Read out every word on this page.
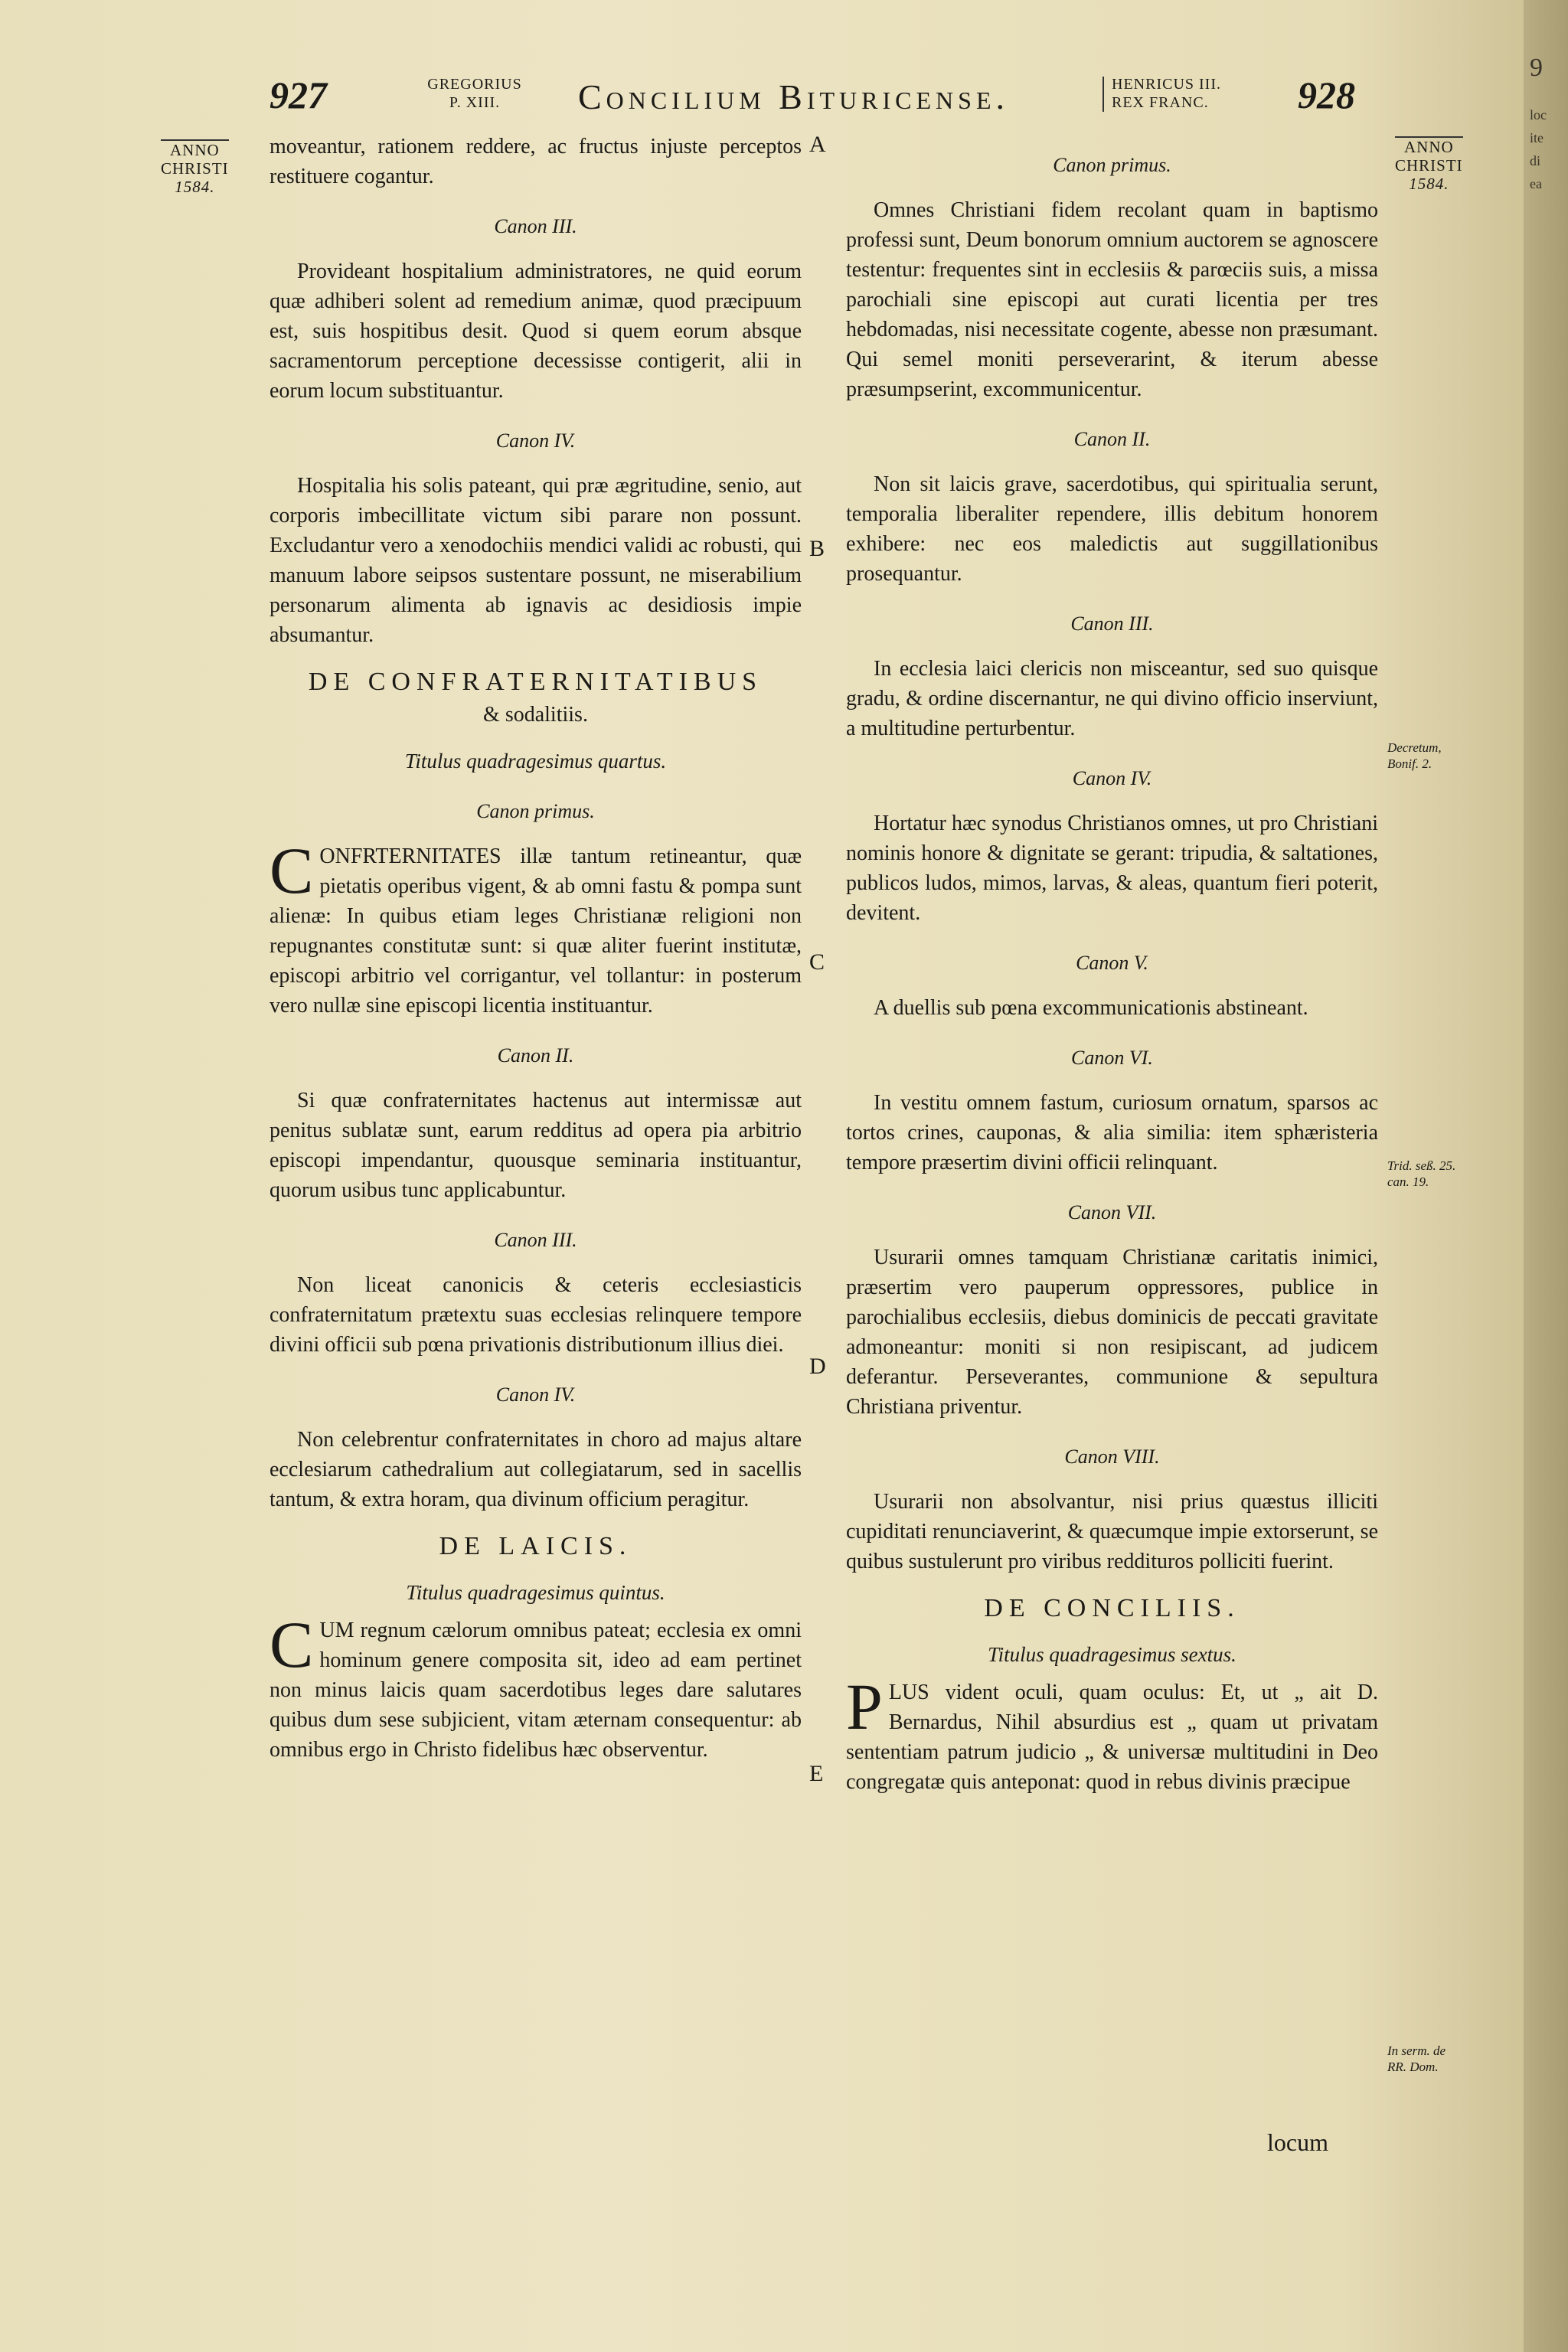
9
loc
ite
di
ea
927	GREGORIUS
P. XIII.	Concilium Bituricense.	HENRICUS III.
REX FRANC.	928
ANNO
CHRISTI
1584.
ANNO
CHRISTI
1584.
A
B
C
D
E
Decretum,
Bonif. 2.
Trid. seß. 25.
can. 19.
In serm. de
RR. Dom.

moveantur, rationem reddere, ac fructus injuste perceptos restituere cogantur.

Canon III.

Provideant hospitalium administratores, ne quid eorum quæ adhiberi solent ad remedium animæ, quod præcipuum est, suis hospitibus desit. Quod si quem eorum absque sacramentorum perceptione decessisse contigerit, alii in eorum locum substituantur.

Canon IV.

Hospitalia his solis pateant, qui præ ægritudine, senio, aut corporis imbecillitate victum sibi parare non possunt. Excludantur vero a xenodochiis mendici validi ac robusti, qui manuum labore seipsos sustentare possunt, ne miserabilium personarum alimenta ab ignavis ac desidiosis impie absumantur.

DE CONFRATERNITATIBUS
& sodalitiis.
Titulus quadragesimus quartus.
Canon primus.

CONFRTERNITATES illæ tantum retineantur, quæ pietatis operibus vigent, & ab omni fastu & pompa sunt alienæ: In quibus etiam leges Christianæ religioni non repugnantes constitutæ sunt: si quæ aliter fuerint institutæ, episcopi arbitrio vel corrigantur, vel tollantur: in posterum vero nullæ sine episcopi licentia instituantur.

Canon II.

Si quæ confraternitates hactenus aut intermissæ aut penitus sublatæ sunt, earum redditus ad opera pia arbitrio episcopi impendantur, quousque seminaria instituantur, quorum usibus tunc applicabuntur.

Canon III.

Non liceat canonicis & ceteris ecclesiasticis confraternitatum prætextu suas ecclesias relinquere tempore divini officii sub pœna privationis distributionum illius diei.

Canon IV.

Non celebrentur confraternitates in choro ad majus altare ecclesiarum cathedralium aut collegiatarum, sed in sacellis tantum, & extra horam, qua divinum officium peragitur.

DE LAICIS.
Titulus quadragesimus quintus.

CUM regnum cælorum omnibus pateat; ecclesia ex omni hominum genere composita sit, ideo ad eam pertinet non minus laicis quam sacerdotibus leges dare salutares quibus dum sese subjicient, vitam æternam consequentur: ab omnibus ergo in Christo fidelibus hæc observentur.

Canon primus.

Omnes Christiani fidem recolant quam in baptismo professi sunt, Deum bonorum omnium auctorem se agnoscere testentur: frequentes sint in ecclesiis & parœciis suis, a missa parochiali sine episcopi aut curati licentia per tres hebdomadas, nisi necessitate cogente, abesse non præsumant. Qui semel moniti perseverarint, & iterum abesse præsumpserint, excommunicentur.

Canon II.

Non sit laicis grave, sacerdotibus, qui spiritualia serunt, temporalia liberaliter rependere, illis debitum honorem exhibere: nec eos maledictis aut suggillationibus prosequantur.

Canon III.

In ecclesia laici clericis non misceantur, sed suo quisque gradu, & ordine discernantur, ne qui divino officio inserviunt, a multitudine perturbentur.

Canon IV.

Hortatur hæc synodus Christianos omnes, ut pro Christiani nominis honore & dignitate se gerant: tripudia, & saltationes, publicos ludos, mimos, larvas, & aleas, quantum fieri poterit, devitent.

Canon V.

A duellis sub pœna excommunicationis abstineant.

Canon VI.

In vestitu omnem fastum, curiosum ornatum, sparsos ac tortos crines, cauponas, & alia similia: item sphæristeria tempore præsertim divini officii relinquant.

Canon VII.

Usurarii omnes tamquam Christianæ caritatis inimici, præsertim vero pauperum oppressores, publice in parochialibus ecclesiis, diebus dominicis de peccati gravitate admoneantur: moniti si non resipiscant, ad judicem deferantur. Perseverantes, communione & sepultura Christiana priventur.

Canon VIII.

Usurarii non absolvantur, nisi prius quæstus illiciti cupiditati renunciaverint, & quæcumque impie extorserunt, se quibus sustulerunt pro viribus reddituros polliciti fuerint.

DE CONCILIIS.
Titulus quadragesimus sextus.

PLUS vident oculi, quam oculus: Et, ut „ ait D. Bernardus, Nihil absurdius est „ quam ut privatam sententiam patrum judicio „ & universæ multitudini in Deo congregatæ quis anteponat: quod in rebus divinis præcipue

locum
